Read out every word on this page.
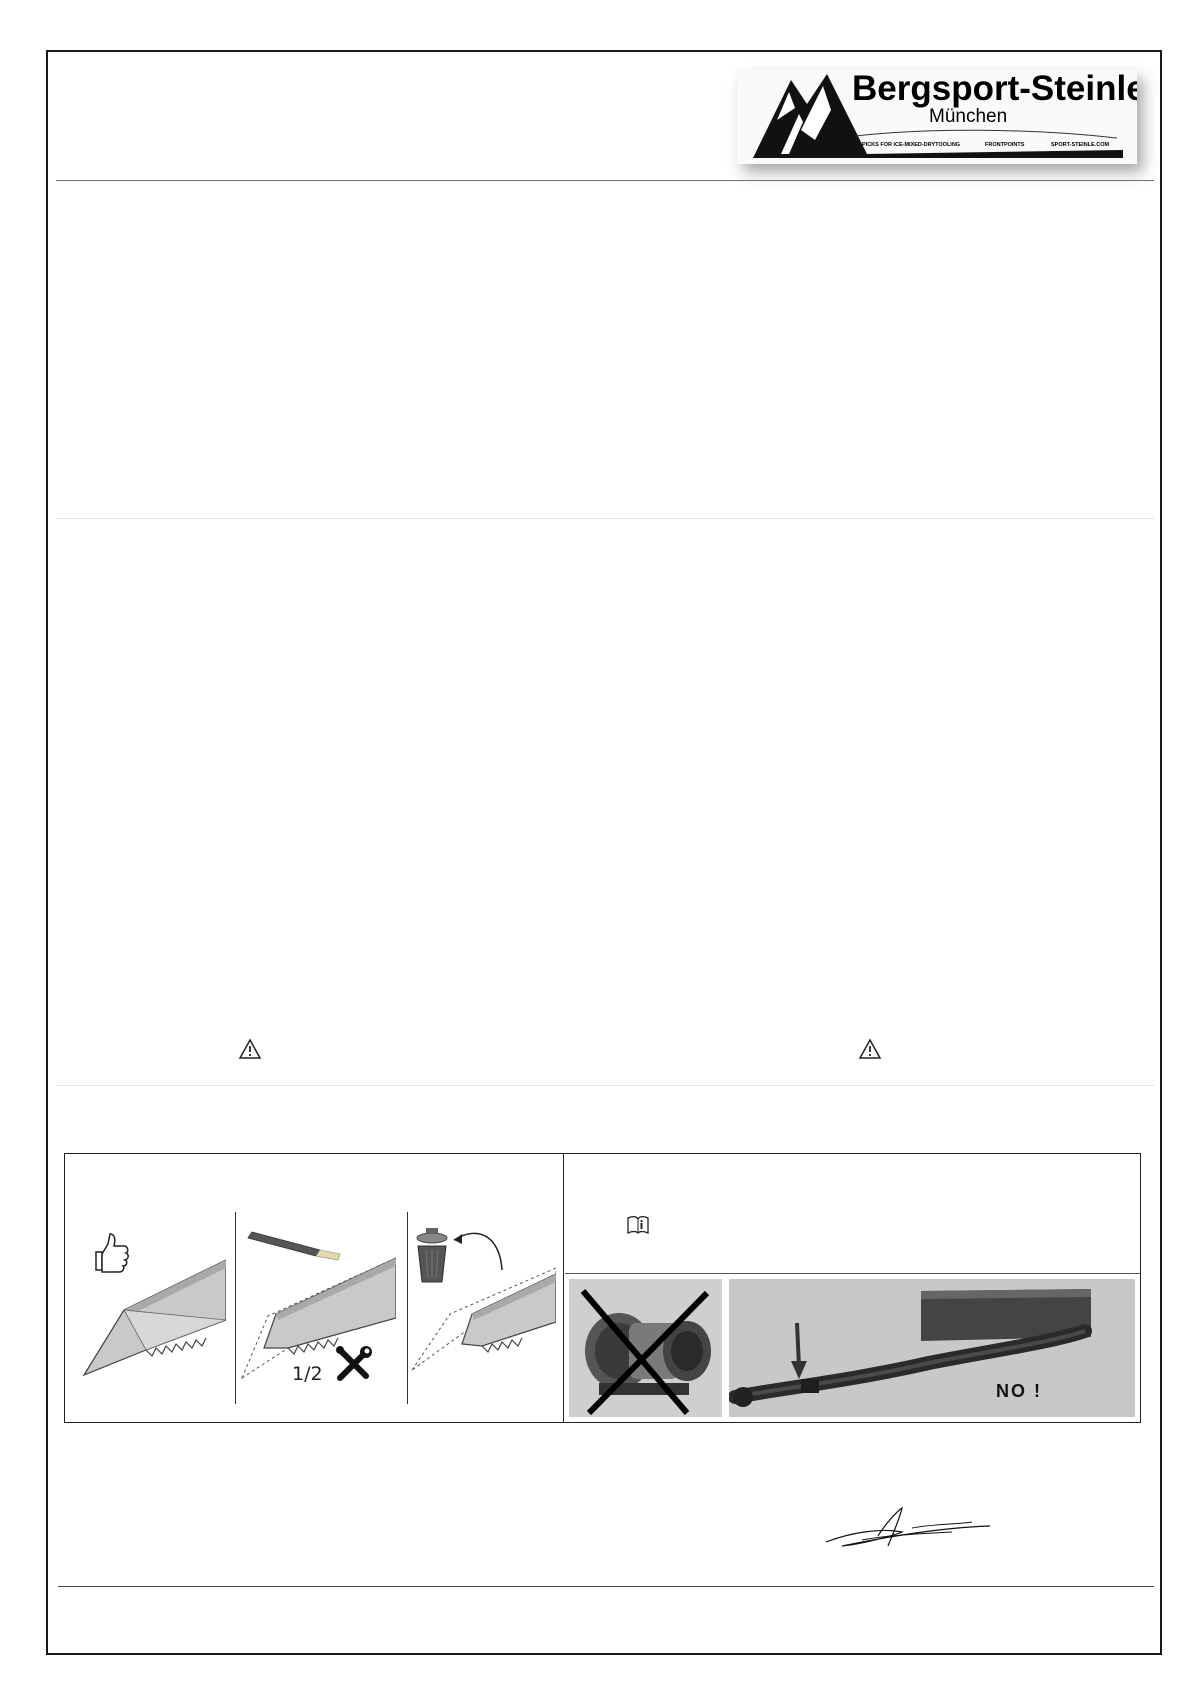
Bergsport-Steinle
München
PICKS FOR ICE-MIXED-DRYTOOLING	FRONTPOINTS	SPORT-STEINLE.COM
1/2
NO !
